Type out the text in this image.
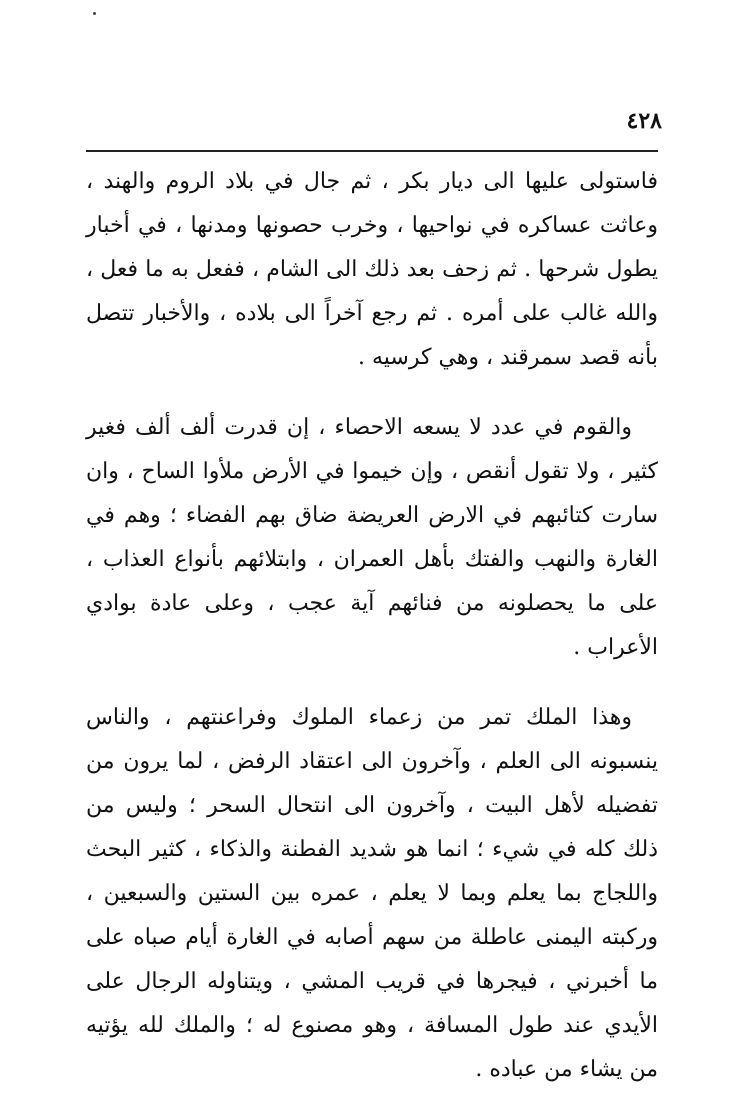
٤٢٨

فاستولى عليها الى ديار بكر ، ثم جال في بلاد الروم والهند ، وعاثت عساكره في نواحيها ، وخرب حصونها ومدنها ، في أخبار يطول شرحها . ثم زحف بعد ذلك الى الشام ، ففعل به ما فعل ، والله غالب على أمره . ثم رجع آخراً الى بلاده ، والأخبار تتصل بأنه قصد سمرقند ، وهي كرسيه .

والقوم في عدد لا يسعه الاحصاء ، إن قدرت ألف ألف فغير كثير ، ولا تقول أنقص ، وإن خيموا في الأرض ملأوا الساح ، وان سارت كتائبهم في الارض العريضة ضاق بهم الفضاء ؛ وهم في الغارة والنهب والفتك بأهل العمران ، وابتلائهم بأنواع العذاب ، على ما يحصلونه من فنائهم آية عجب ، وعلى عادة بوادي الأعراب .

وهذا الملك تمر من زعماء الملوك وفراعنتهم ، والناس ينسبونه الى العلم ، وآخرون الى اعتقاد الرفض ، لما يرون من تفضيله لأهل البيت ، وآخرون الى انتحال السحر ؛ وليس من ذلك كله في شيء ؛ انما هو شديد الفطنة والذكاء ، كثير البحث واللجاج بما يعلم وبما لا يعلم ، عمره بين الستين والسبعين ، وركبته اليمنى عاطلة من سهم أصابه في الغارة أيام صباه على ما أخبرني ، فيجرها في قريب المشي ، ويتناوله الرجال على الأيدي عند طول المسافة ، وهو مصنوع له ؛ والملك لله يؤتيه من يشاء من عباده .
